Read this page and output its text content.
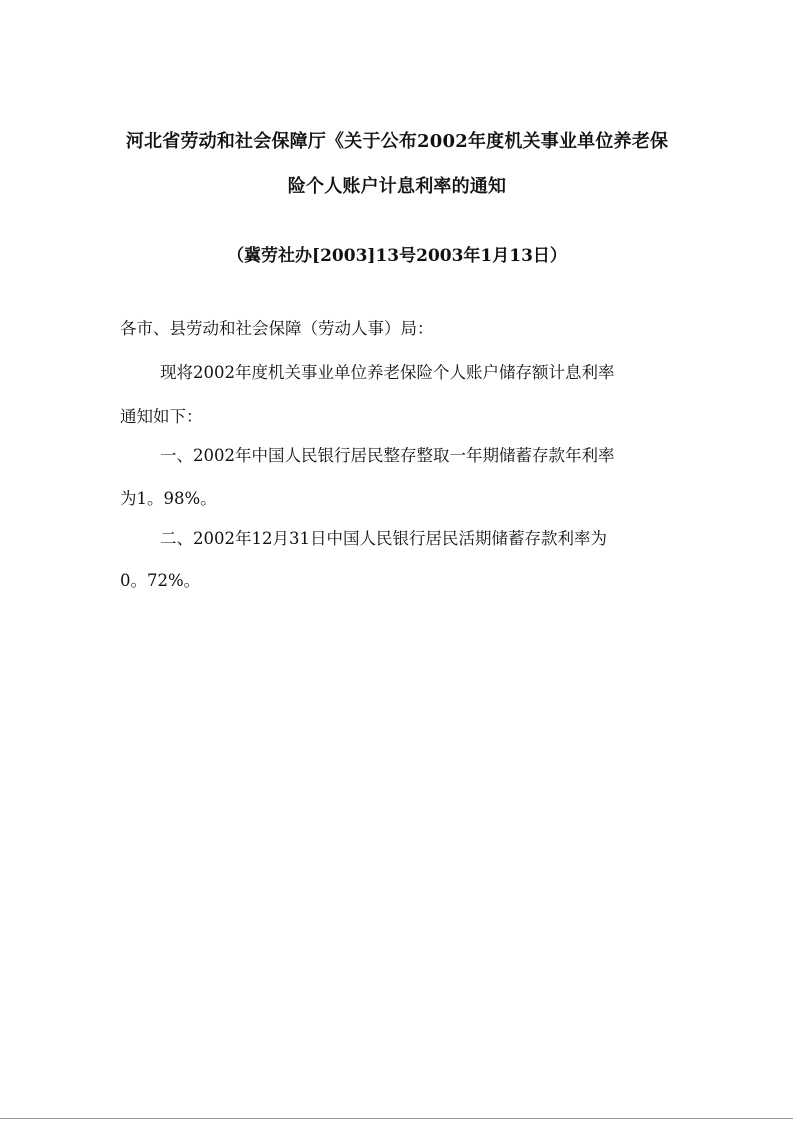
河北省劳动和社会保障厅《关于公布2002年度机关事业单位养老保
险个人账户计息利率的通知
（冀劳社办[2003]13号2003年1月13日）
各市、县劳动和社会保障（劳动人事）局：
现将2002年度机关事业单位养老保险个人账户储存额计息利率
通知如下：
一、2002年中国人民银行居民整存整取一年期储蓄存款年利率
为1。98%。
二、2002年12月31日中国人民银行居民活期储蓄存款利率为
0。72%。
